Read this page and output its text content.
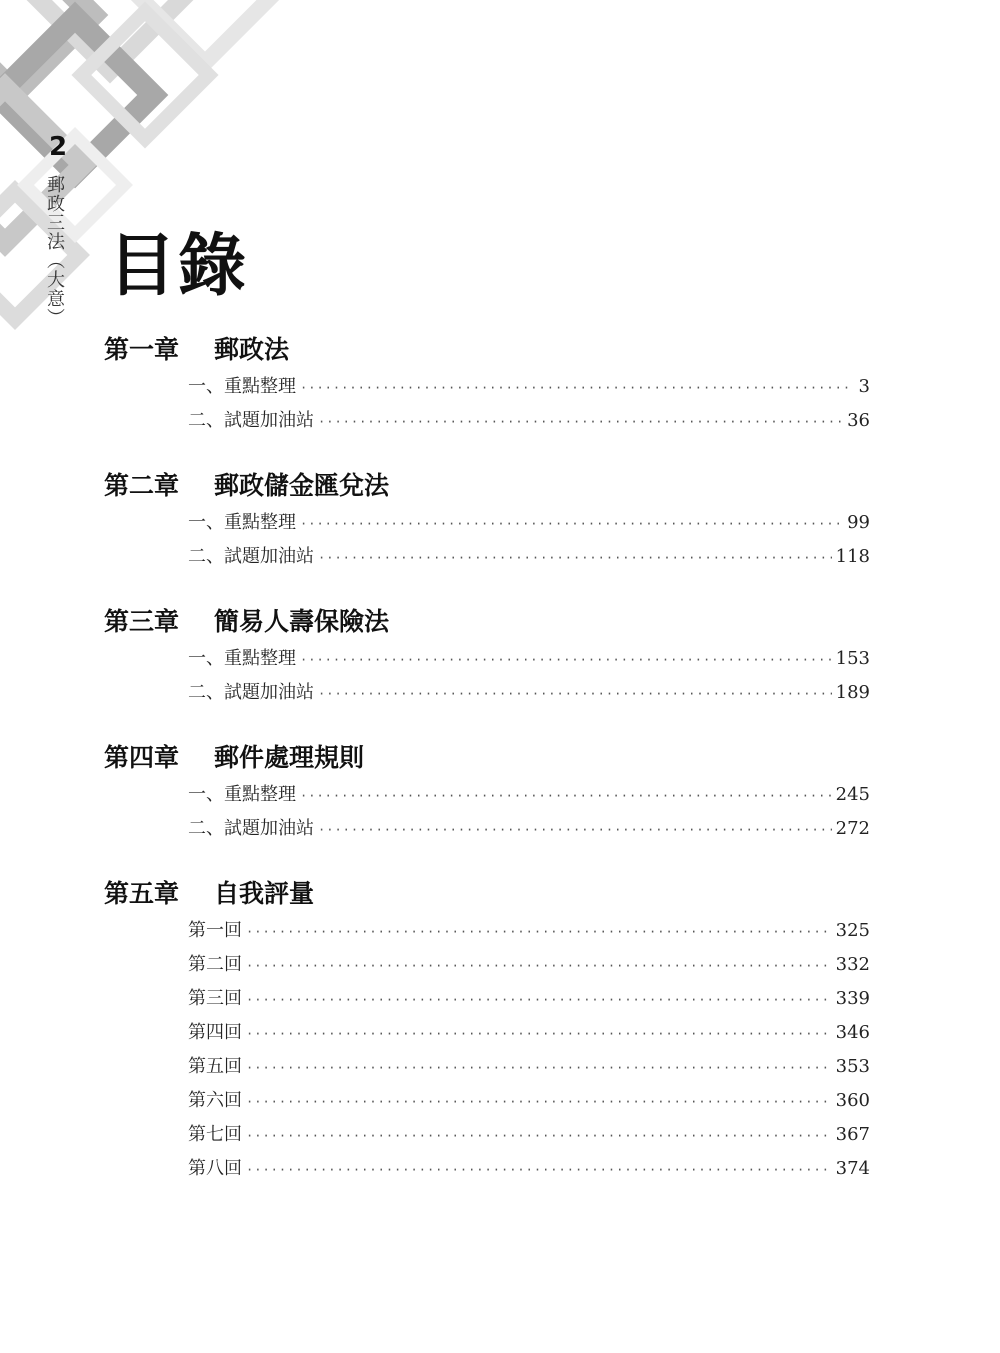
2
郵政三法（大意） 目錄
第一章	郵政法
一、重點整理 ·····	3
二、試題加油站 ·····	36
第二章	郵政儲金匯兌法
一、重點整理 ·····	99
二、試題加油站 ·····	118
第三章	簡易人壽保險法
一、重點整理 ·····	153
二、試題加油站 ·····	189
第四章	郵件處理規則
一、重點整理 ·····	245
二、試題加油站 ·····	272
第五章	自我評量
第一回 ·····	325
第二回 ·····	332
第三回 ·····	339
第四回 ·····	346
第五回 ·····	353
第六回 ·····	360
第七回 ·····	367
第八回 ·····	374
